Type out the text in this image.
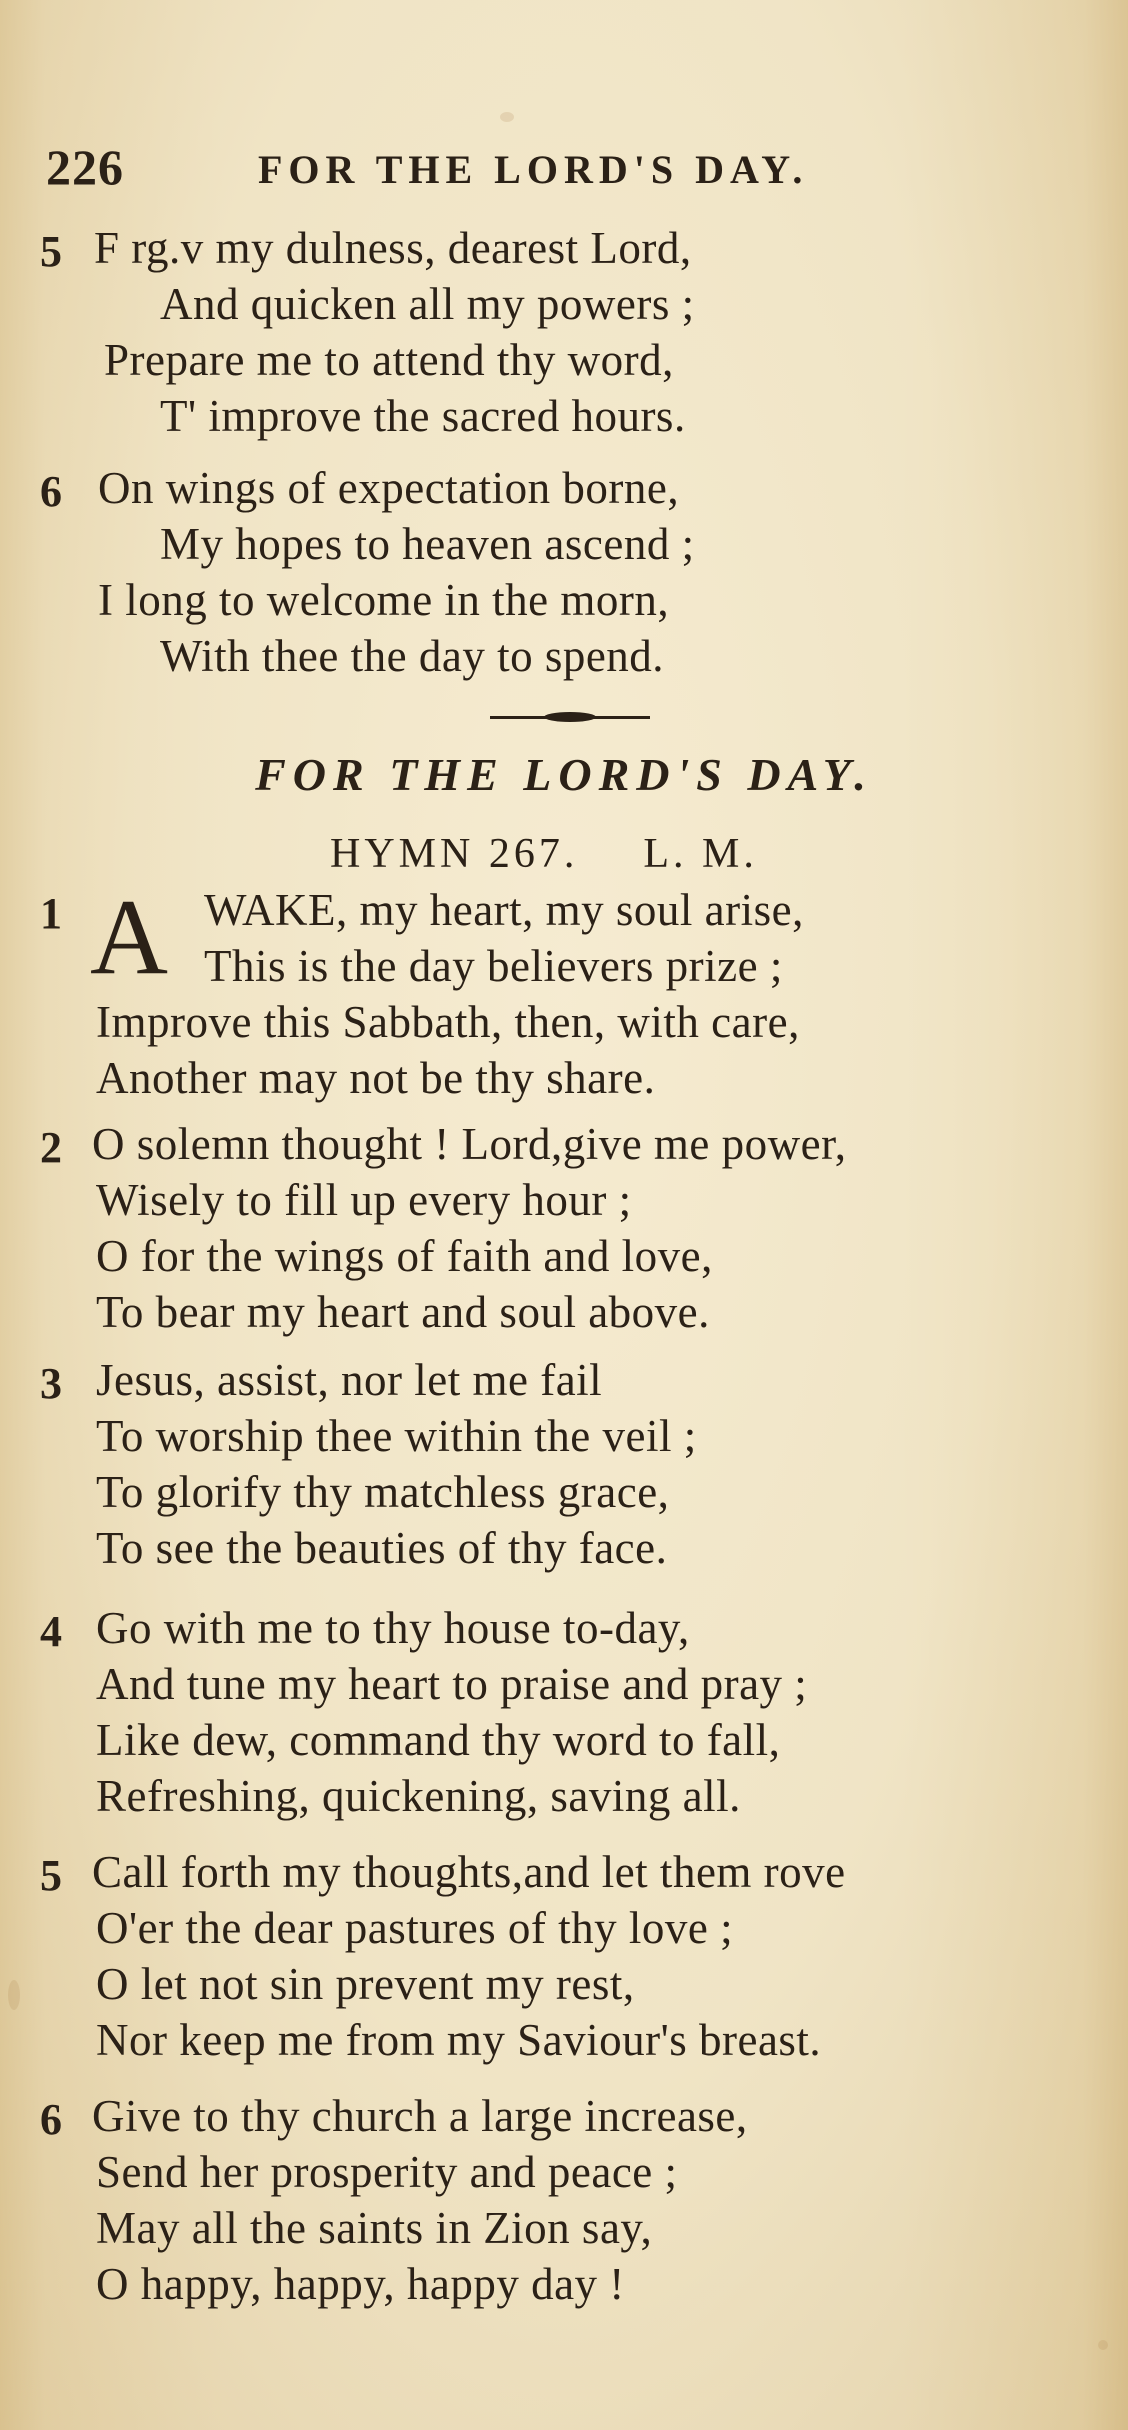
226	FOR THE LORD'S DAY.
5 F rg.v my dulness, dearest Lord,
And quicken all my powers ;
Prepare me to attend thy word,
T' improve the sacred hours.
6 On wings of expectation borne,
My hopes to heaven ascend ;
I long to welcome in the morn,
With thee the day to spend.
FOR THE LORD'S DAY.
HYMN 267. L. M.
A
1	WAKE, my heart, my soul arise,
This is the day believers prize ;
Improve this Sabbath, then, with care,
Another may not be thy share.
2 O solemn thought ! Lord,give me power,
Wisely to fill up every hour ;
O for the wings of faith and love,
To bear my heart and soul above.
3 Jesus, assist, nor let me fail
To worship thee within the veil ;
To glorify thy matchless grace,
To see the beauties of thy face.
4 Go with me to thy house to-day,
And tune my heart to praise and pray ;
Like dew, command thy word to fall,
Refreshing, quickening, saving all.
5 Call forth my thoughts,and let them rove
O'er the dear pastures of thy love ;
O let not sin prevent my rest,
Nor keep me from my Saviour's breast.
6 Give to thy church a large increase,
Send her prosperity and peace ;
May all the saints in Zion say,
O happy, happy, happy day !
